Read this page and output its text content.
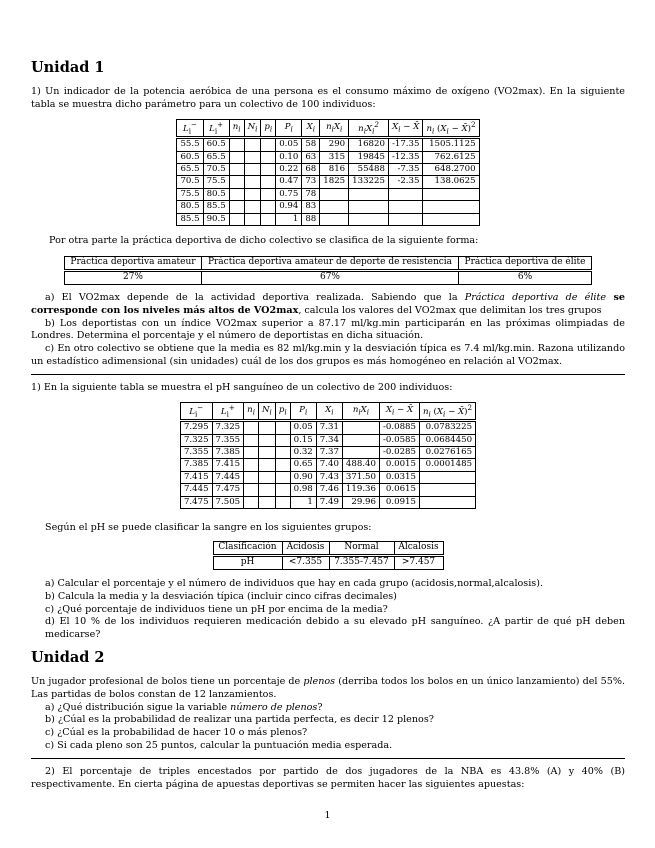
Unidad 1

1) Un indicador de la potencia aeróbica de una persona es el consumo máximo de oxígeno (VO2max). En la siguiente tabla se muestra dicho parámetro para un colectivo de 100 individuos:

$L_i^-$	$L_i^+$	$n_i$	$N_i$	$p_i$	$P_i$	$X_i$	$n_iX_i$	$n_iX_i^2$	$X_i$ − X̄	$n_i$ ($X_i$ − X̄)$^2$
55.5	60.5				0.05	58	290	16820	-17.35	1505.1125
60.5	65.5				0.10	63	315	19845	-12.35	762.6125
65.5	70.5				0.22	68	816	55488	-7.35	648.2700
70.5	75.5				0.47	73	1825	133225	-2.35	138.0625
75.5	80.5				0.75	78				
80.5	85.5				0.94	83				
85.5	90.5				1	88				

Por otra parte la práctica deportiva de dicho colectivo se clasifica de la siguiente forma:

Práctica deportiva amateur	Práctica deportiva amateur de deporte de resistencia	Práctica deportiva de élite
27%	67%	6%

a) El VO2max depende de la actividad deportiva realizada. Sabiendo que la Práctica deportiva de élite se corresponde con los niveles más altos de VO2max, calcula los valores del VO2max que delimitan los tres grupos

b) Los deportistas con un índice VO2max superior a 87.17 ml/kg.min participarán en las próximas olimpiadas de Londres. Determina el porcentaje y el número de deportistas en dicha situación.

c) En otro colectivo se obtiene que la media es 82 ml/kg.min y la desviación típica es 7.4 ml/kg.min. Razona utilizando un estadístico adimensional (sin unidades) cuál de los dos grupos es más homogéneo en relación al VO2max.

1) En la siguiente tabla se muestra el pH sanguíneo de un colectivo de 200 individuos:

$L_i^-$	$L_i^+$	$n_i$	$N_i$	$p_i$	$P_i$	$X_i$	$n_iX_i$	$X_i$ − X̄	$n_i$ ($X_i$ − X̄)$^2$
7.295	7.325				0.05	7.31		-0.0885	0.0783225
7.325	7.355				0.15	7.34		-0.0585	0.0684450
7.355	7.385				0.32	7.37		-0.0285	0.0276165
7.385	7.415				0.65	7.40	488.40	0.0015	0.0001485
7.415	7.445				0.90	7.43	371.50	0.0315	
7.445	7.475				0.98	7.46	119.36	0.0615	
7.475	7.505				1	7.49	29.96	0.0915	

Según el pH se puede clasificar la sangre en los siguientes grupos:

Clasificación	Acidosis	Normal	Alcalosis
pH	<7.355	7.355-7.457	>7.457

a) Calcular el porcentaje y el número de individuos que hay en cada grupo (acidosis,normal,alcalosis).

b) Calcula la media y la desviación típica (incluir cinco cifras decimales)

c) ¿Qué porcentaje de individuos tiene un pH por encima de la media?

d) El 10 % de los individuos requieren medicación debido a su elevado pH sanguíneo. ¿A partir de qué pH deben medicarse?

Unidad 2

Un jugador profesional de bolos tiene un porcentaje de plenos (derriba todos los bolos en un único lanzamiento) del 55%. Las partidas de bolos constan de 12 lanzamientos.

a) ¿Qué distribución sigue la variable número de plenos?

b) ¿Cúal es la probabilidad de realizar una partida perfecta, es decir 12 plenos?

c) ¿Cúal es la probabilidad de hacer 10 o más plenos?

c) Si cada pleno son 25 puntos, calcular la puntuación media esperada.

2) El porcentaje de triples encestados por partido de dos jugadores de la NBA es 43.8% (A) y 40% (B) respectivamente. En cierta página de apuestas deportivas se permiten hacer las siguientes apuestas:

1
